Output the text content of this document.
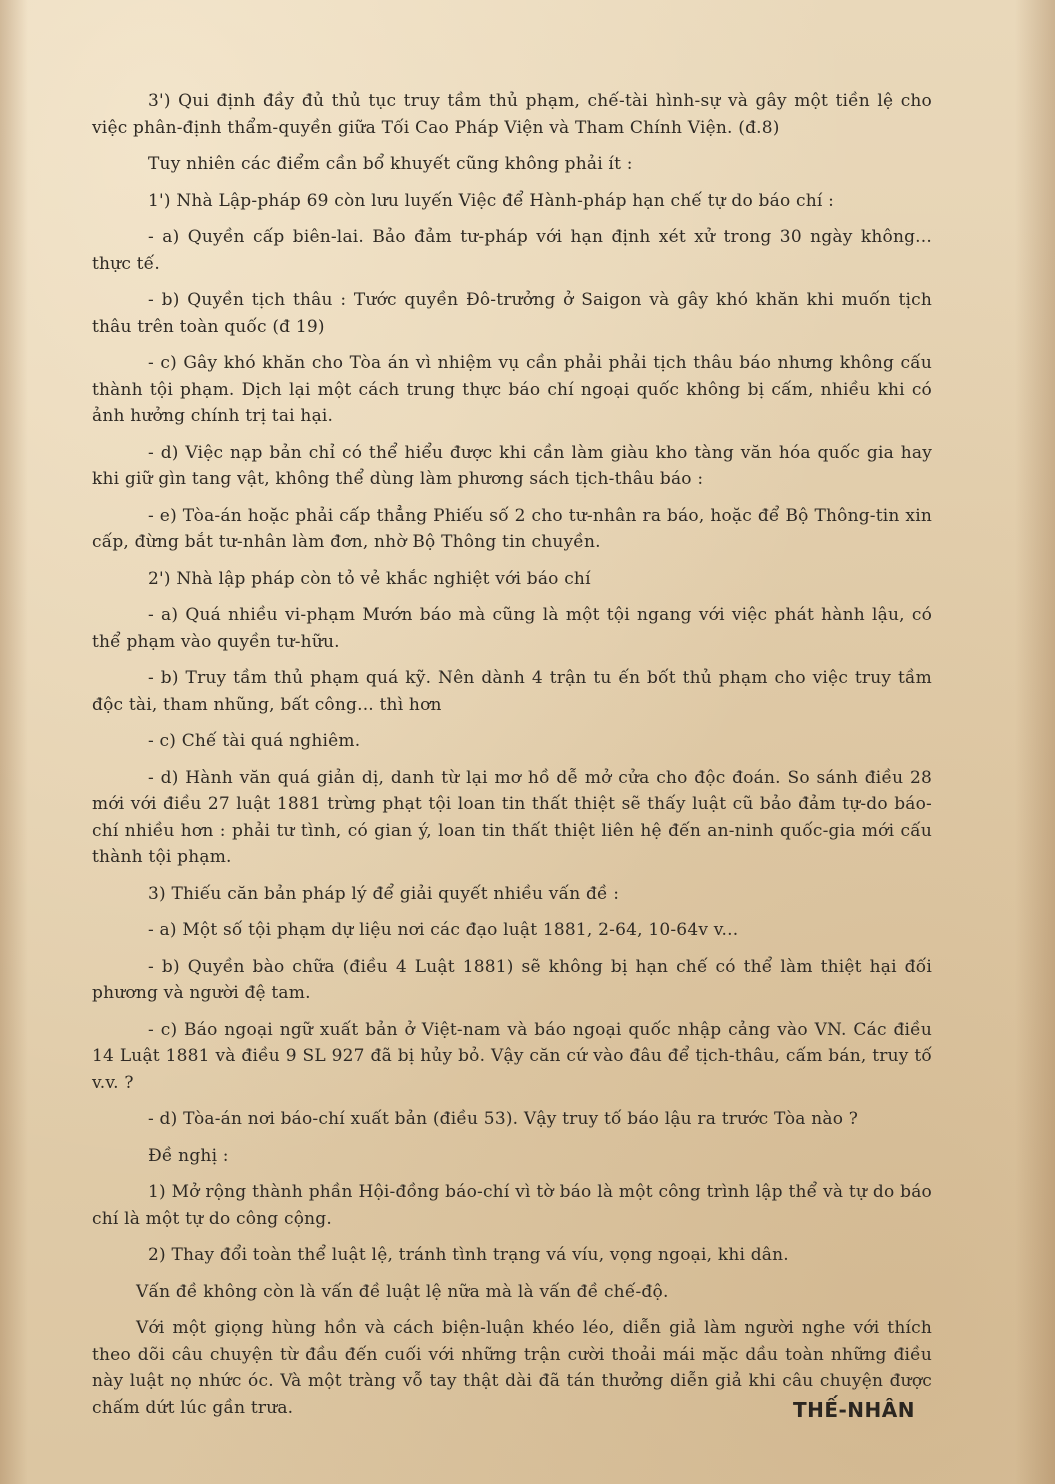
3') Qui định đầy đủ thủ tục truy tầm thủ phạm, chế-tài hình-sự và gây một tiền lệ cho việc phân-định thẩm-quyền giữa Tối Cao Pháp Viện và Tham Chính Viện. (đ.8)

Tuy nhiên các điểm cần bổ khuyết cũng không phải ít :

1') Nhà Lập-pháp 69 còn lưu luyến Việc để Hành-pháp hạn chế tự do báo chí :

- a) Quyền cấp biên-lai. Bảo đảm tư-pháp với hạn định xét xử trong 30 ngày không... thực tế.

- b) Quyền tịch thâu : Tước quyền Đô-trưởng ở Saigon và gây khó khăn khi muốn tịch thâu trên toàn quốc (đ 19)

- c) Gây khó khăn cho Tòa án vì nhiệm vụ cần phải phải tịch thâu báo nhưng không cấu thành tội phạm. Dịch lại một cách trung thực báo chí ngoại quốc không bị cấm, nhiều khi có ảnh hưởng chính trị tai hại.

- d) Việc nạp bản chỉ có thể hiểu được khi cần làm giàu kho tàng văn hóa quốc gia hay khi giữ gìn tang vật, không thể dùng làm phương sách tịch-thâu báo :

- e) Tòa-án hoặc phải cấp thẳng Phiếu số 2 cho tư-nhân ra báo, hoặc để Bộ Thông-tin xin cấp, đừng bắt tư-nhân làm đơn, nhờ Bộ Thông tin chuyền.

2') Nhà lập pháp còn tỏ vẻ khắc nghiệt với báo chí

- a) Quá nhiều vi-phạm Mướn báo mà cũng là một tội ngang với việc phát hành lậu, có thể phạm vào quyền tư-hữu.

- b) Truy tầm thủ phạm quá kỹ. Nên dành 4 trận tu ến bốt thủ phạm cho việc truy tầm độc tài, tham nhũng, bất công... thì hơn

- c) Chế tài quá nghiêm.

- d) Hành văn quá giản dị, danh từ lại mơ hồ dễ mở cửa cho độc đoán. So sánh điều 28 mới với điều 27 luật 1881 trừng phạt tội loan tin thất thiệt sẽ thấy luật cũ bảo đảm tự-do báo-chí nhiều hơn : phải tư tình, có gian ý, loan tin thất thiệt liên hệ đến an-ninh quốc-gia mới cấu thành tội phạm.

3) Thiếu căn bản pháp lý để giải quyết nhiều vấn đề :

- a) Một số tội phạm dự liệu nơi các đạo luật 1881, 2-64, 10-64v v...

- b) Quyền bào chữa (điều 4 Luật 1881) sẽ không bị hạn chế có thể làm thiệt hại đối phương và người đệ tam.

- c) Báo ngoại ngữ xuất bản ở Việt-nam và báo ngoại quốc nhập cảng vào VN. Các điều 14 Luật 1881 và điều 9 SL 927 đã bị hủy bỏ. Vậy căn cứ vào đâu để tịch-thâu, cấm bán, truy tố v.v. ?

- d) Tòa-án nơi báo-chí xuất bản (điều 53). Vậy truy tố báo lậu ra trước Tòa nào ?

Đề nghị :

1) Mở rộng thành phần Hội-đồng báo-chí vì tờ báo là một công trình lập thể và tự do báo chí là một tự do công cộng.

2) Thay đổi toàn thể luật lệ, tránh tình trạng vá víu, vọng ngoại, khi dân.

Vấn đề không còn là vấn đề luật lệ nữa mà là vấn đề chế-độ.

Với một giọng hùng hồn và cách biện-luận khéo léo, diễn giả làm người nghe với thích theo dõi câu chuyện từ đầu đến cuối với những trận cười thoải mái mặc dầu toàn những điều này luật nọ nhức óc. Và một tràng vỗ tay thật dài đã tán thưởng diễn giả khi câu chuyện được chấm dứt lúc gần trưa.	THẾ-NHÂN
